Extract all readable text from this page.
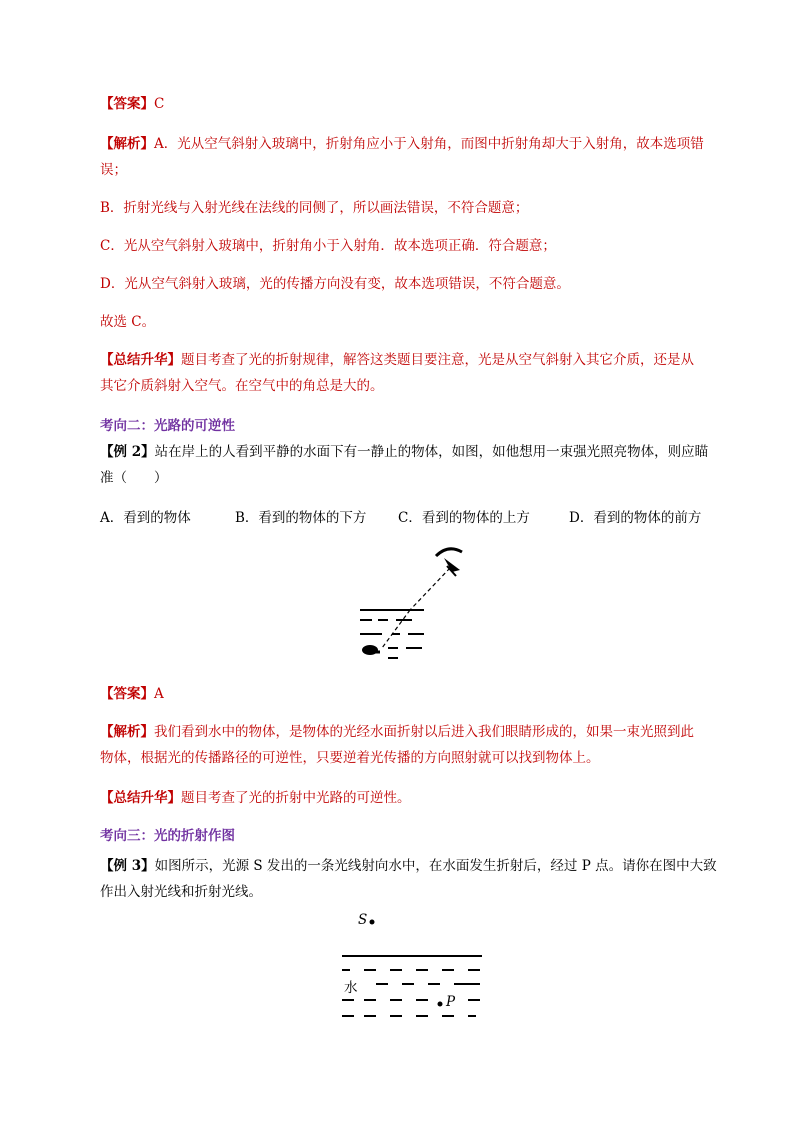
【答案】C
【解析】A．光从空气斜射入玻璃中，折射角应小于入射角，而图中折射角却大于入射角，故本选项错
误；
B．折射光线与入射光线在法线的同侧了，所以画法错误，不符合题意；
C．光从空气斜射入玻璃中，折射角小于入射角．故本选项正确．符合题意；
D．光从空气斜射入玻璃，光的传播方向没有变，故本选项错误，不符合题意。
故选 C。
【总结升华】题目考查了光的折射规律，解答这类题目要注意，光是从空气斜射入其它介质，还是从
其它介质斜射入空气。在空气中的角总是大的。
考向二：光路的可逆性
【例 2】站在岸上的人看到平静的水面下有一静止的物体，如图，如他想用一束强光照亮物体，则应瞄
准（　　）
A．看到的物体	B．看到的物体的下方 C．看到的物体的上方	D．看到的物体的前方
【答案】A
【解析】我们看到水中的物体，是物体的光经水面折射以后进入我们眼睛形成的，如果一束光照到此
物体，根据光的传播路径的可逆性，只要逆着光传播的方向照射就可以找到物体上。
【总结升华】题目考查了光的折射中光路的可逆性。
考向三：光的折射作图
【例 3】如图所示，光源 S 发出的一条光线射向水中，在水面发生折射后，经过 P 点。请你在图中大致
作出入射光线和折射光线。
S
水
P
